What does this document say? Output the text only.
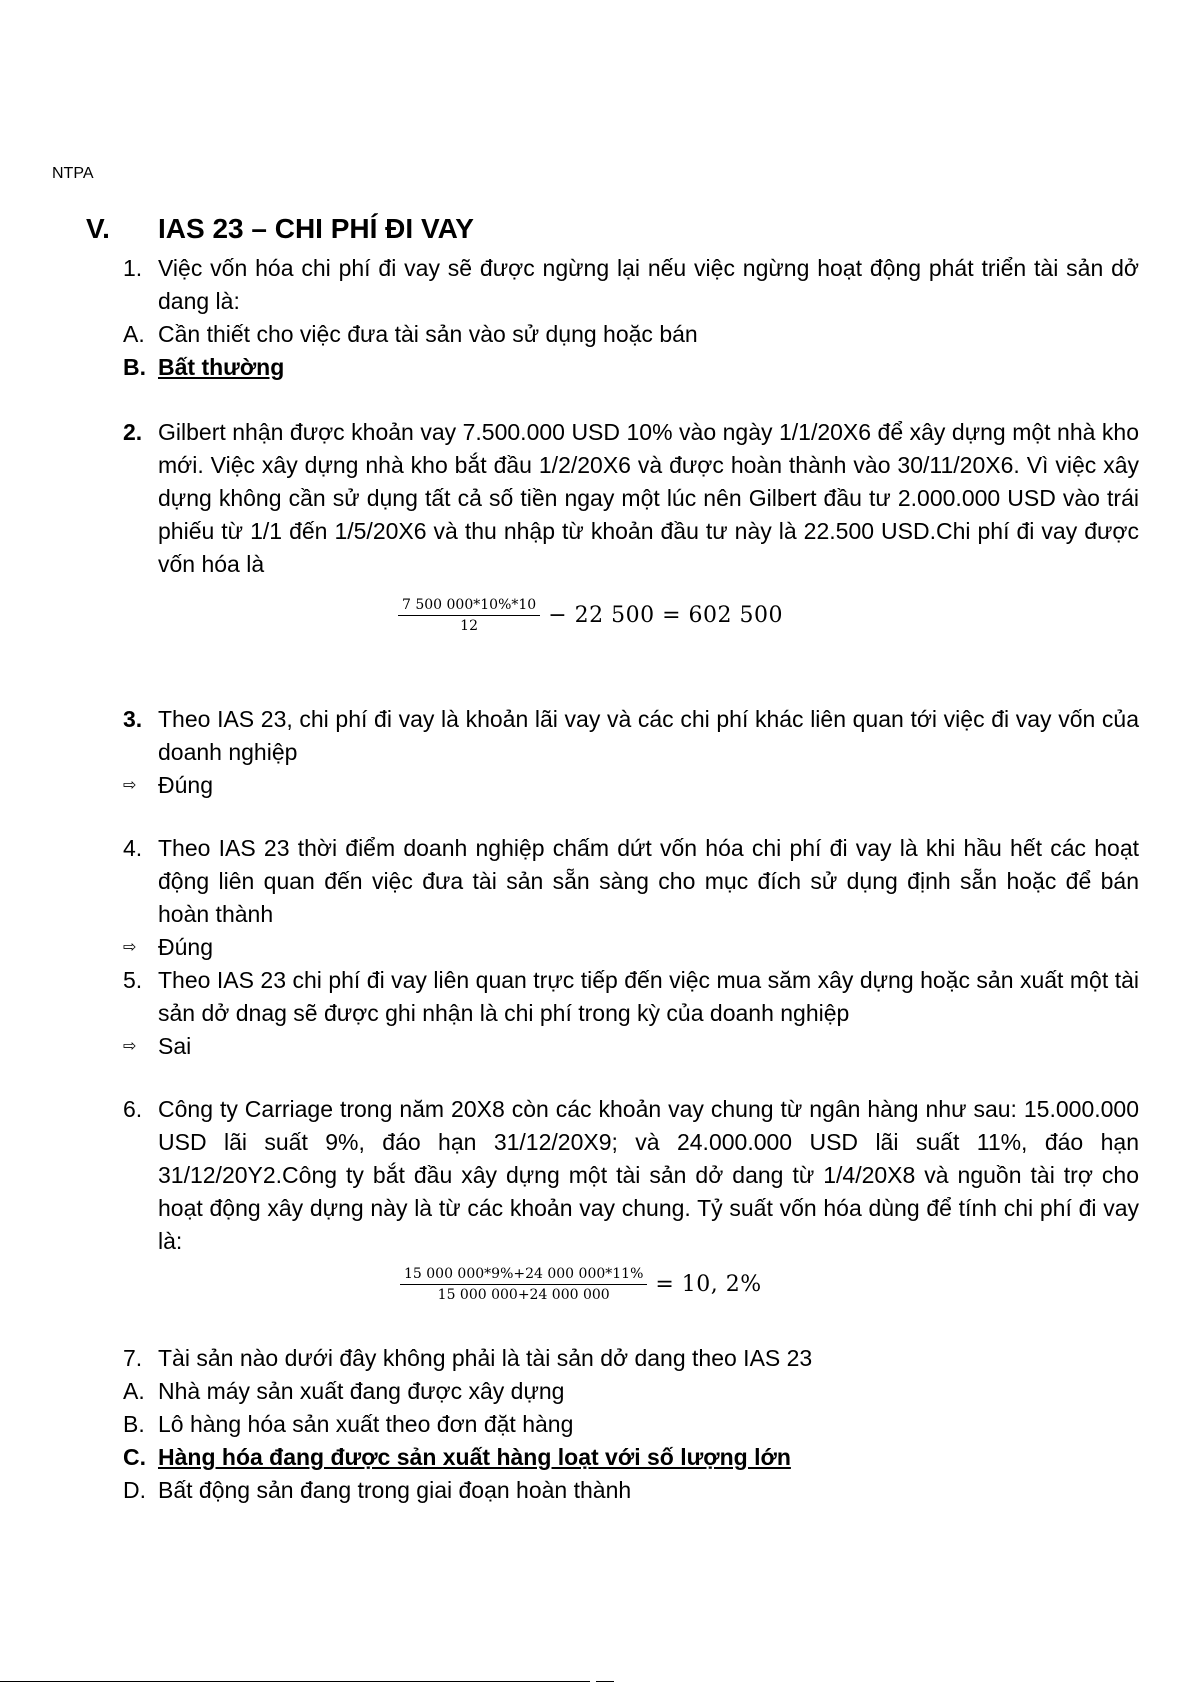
NTPA
V. IAS 23 – CHI PHÍ ĐI VAY
1. Việc vốn hóa chi phí đi vay sẽ được ngừng lại nếu việc ngừng hoạt động phát triển tài sản dở dang là:
A. Cần thiết cho việc đưa tài sản vào sử dụng hoặc bán
B. Bất thường
2. Gilbert nhận được khoản vay 7.500.000 USD 10% vào ngày 1/1/20X6 để xây dựng một nhà kho mới. Việc xây dựng nhà kho bắt đầu 1/2/20X6 và được hoàn thành vào 30/11/20X6. Vì việc xây dựng không cần sử dụng tất cả số tiền ngay một lúc nên Gilbert đầu tư 2.000.000 USD vào trái phiếu từ 1/1 đến 1/5/20X6 và thu nhập từ khoản đầu tư này là 22.500 USD.Chi phí đi vay được vốn hóa là
$\frac{7 500 000*10\%*10}{12} - 22$ 500 = 602 500
3. Theo IAS 23, chi phí đi vay là khoản lãi vay và các chi phí khác liên quan tới việc đi vay vốn của doanh nghiệp
⇨ Đúng
4. Theo IAS 23 thời điểm doanh nghiệp chấm dứt vốn hóa chi phí đi vay là khi hầu hết các hoạt động liên quan đến việc đưa tài sản sẵn sàng cho mục đích sử dụng định sẵn hoặc để bán hoàn thành
⇨ Đúng
5. Theo IAS 23 chi phí đi vay liên quan trực tiếp đến việc mua săm xây dựng hoặc sản xuất một tài sản dở dnag sẽ được ghi nhận là chi phí trong kỳ của doanh nghiệp
⇨ Sai
6. Công ty Carriage trong năm 20X8 còn các khoản vay chung từ ngân hàng như sau: 15.000.000 USD lãi suất 9%, đáo hạn 31/12/20X9; và 24.000.000 USD lãi suất 11%, đáo hạn 31/12/20Y2.Công ty bắt đầu xây dựng một tài sản dở dang từ 1/4/20X8 và nguồn tài trợ cho hoạt động xây dựng này là từ các khoản vay chung. Tỷ suất vốn hóa dùng để tính chi phí đi vay là:
$\frac{15 000 000*9\%+24 000 000*11\%}{15 000 000+24 000 000} = 10$, 2%
7. Tài sản nào dưới đây không phải là tài sản dở dang theo IAS 23
A. Nhà máy sản xuất đang được xây dựng
B. Lô hàng hóa sản xuất theo đơn đặt hàng
C. Hàng hóa đang được sản xuất hàng loạt với số lượng lớn
D. Bất động sản đang trong giai đoạn hoàn thành
